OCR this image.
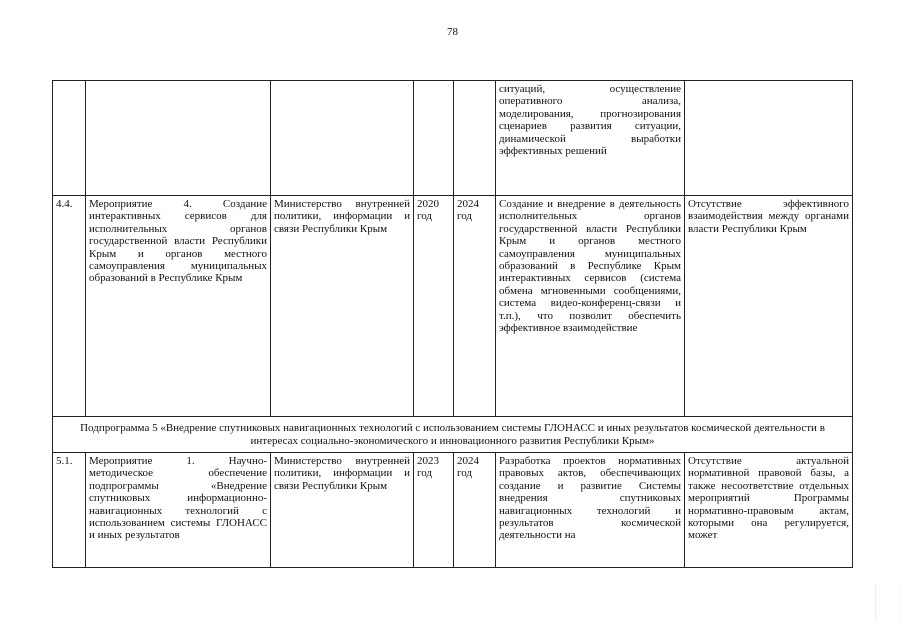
78
					ситуаций, осуществление оперативного анализа, моделирования, прогнозирования сценариев развития ситуации, динамической выработки эффективных решений	
4.4.	Мероприятие 4. Создание интерактивных сервисов для исполнительных органов государственной власти Республики Крым и органов местного самоуправления муниципальных образований в Республике Крым	Министерство внутренней политики, информации и связи Республики Крым	2020 год	2024 год	Создание и внедрение в деятельность исполнительных органов государственной власти Республики Крым и органов местного самоуправления муниципальных образований в Республике Крым интерактивных сервисов (система обмена мгновенными сообщениями, система видео-конференц-связи и т.п.), что позволит обеспечить эффективное взаимодействие	Отсутствие эффективного взаимодействия между органами власти Республики Крым
Подпрограмма 5 «Внедрение спутниковых навигационных технологий с использованием системы ГЛОНАСС и иных результатов космической деятельности в интересах социально-экономического и инновационного развития Республики Крым»						
5.1.	Мероприятие 1. Научно-методическое обеспечение подпрограммы «Внедрение спутниковых информационно-навигационных технологий с использованием системы ГЛОНАСС и иных результатов	Министерство внутренней политики, информации и связи Республики Крым	2023 год	2024 год	Разработка проектов нормативных правовых актов, обеспечивающих создание и развитие Системы внедрения спутниковых навигационных технологий и результатов космической деятельности на	Отсутствие актуальной нормативной правовой базы, а также несоответствие отдельных мероприятий Программы нормативно-правовым актам, которыми она регулируется, может
